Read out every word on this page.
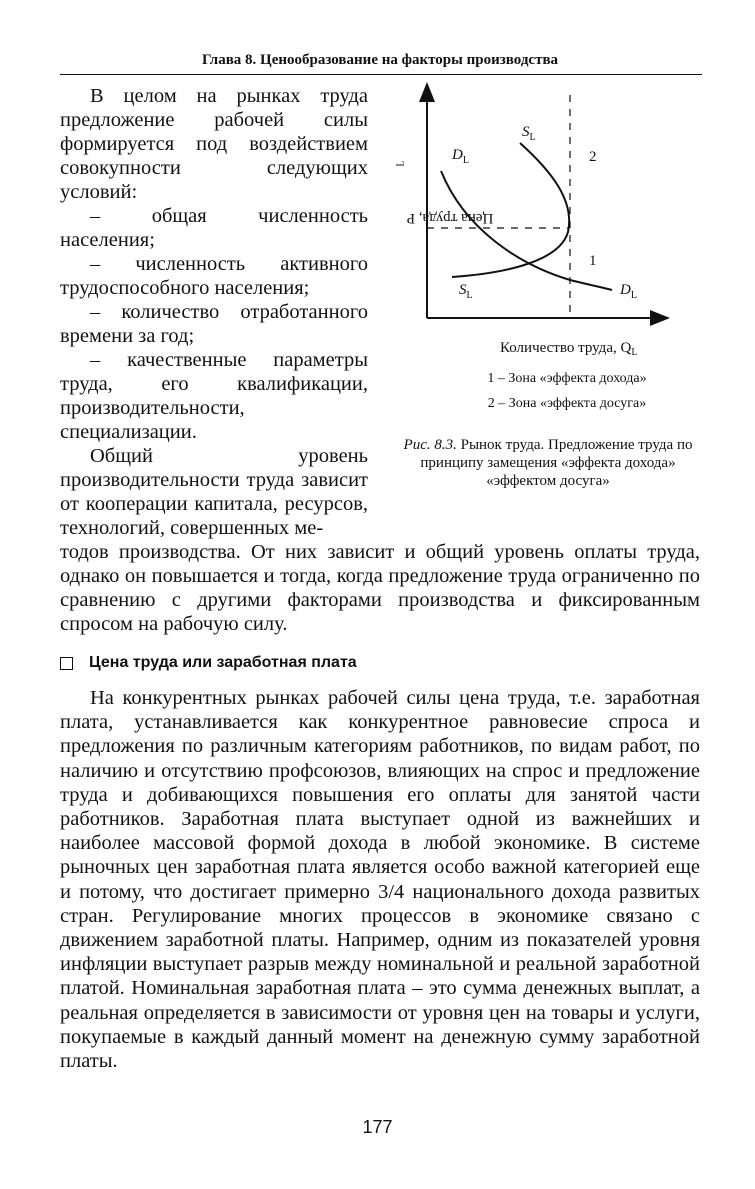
Глава 8. Ценообразование на факторы производства

В целом на рынках труда предложение рабочей силы формируется под воздействием совокупности следующих условий:

– общая численность населения;

– численность активного трудоспособного населения;

– количество отработанного времени за год;

– качественные параметры труда, его квалификации, производительности, специализации.

Общий уровень производительности труда зависит от кооперации капитала, ресурсов, технологий, совершенных ме-

Цена труда, P
$_L$
$D_L$
$S_L$
$S_L$	$D_L$
2
1
Количество труда, $Q_L$
1 – Зона «эффекта дохода»
2 – Зона «эффекта досуга»
Рис. 8.3. Рынок труда. Предложение труда по принципу замещения «эффекта дохода» «эффектом досуга»

тодов производства. От них зависит и общий уровень оплаты труда, однако он повышается и тогда, когда предложение труда ограниченно по сравнению с другими факторами производства и фиксированным спросом на рабочую силу.

Цена труда или заработная плата

На конкурентных рынках рабочей силы цена труда, т.е. заработная плата, устанавливается как конкурентное равновесие спроса и предложения по различным категориям работников, по видам работ, по наличию и отсутствию профсоюзов, влияющих на спрос и предложение труда и добивающихся повышения его оплаты для занятой части работников. Заработная плата выступает одной из важнейших и наиболее массовой формой дохода в любой экономике. В системе рыночных цен заработная плата является особо важной категорией еще и потому, что достигает примерно 3/4 национального дохода развитых стран. Регулирование многих процессов в экономике связано с движением заработной платы. Например, одним из показателей уровня инфляции выступает разрыв между номинальной и реальной заработной платой. Номинальная заработная плата – это сумма денежных выплат, а реальная определяется в зависимости от уровня цен на товары и услуги, покупаемые в каждый данный момент на денежную сумму заработной платы.

177
